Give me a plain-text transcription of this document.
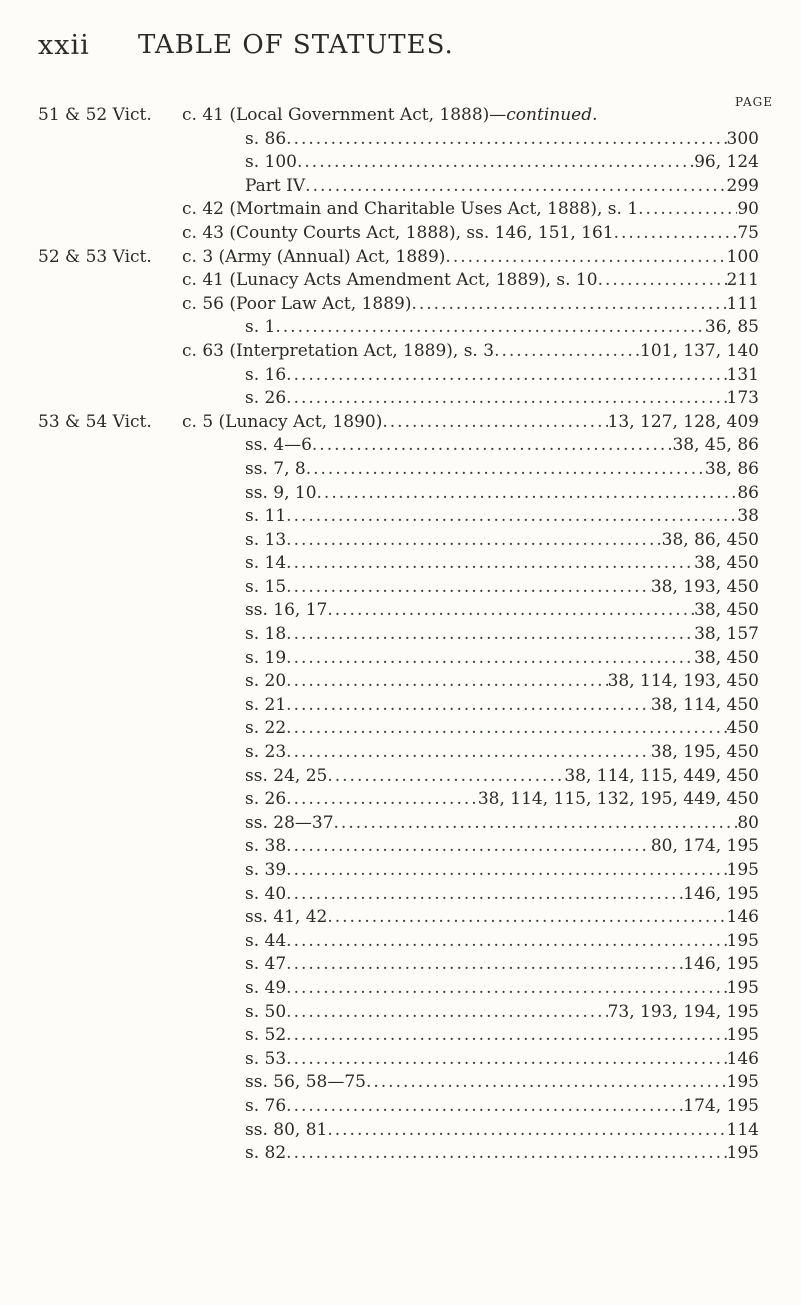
xxii TABLE OF STATUTES.
PAGE
51 & 52 Vict. c. 41 (Local Government Act, 1888)—continued.
s. 86 .....	300
s. 100 .....	96, 124
Part IV .....	299
c. 42 (Mortmain and Charitable Uses Act, 1888), s. 1 .....	90
c. 43 (County Courts Act, 1888), ss. 146, 151, 161 .....	75
52 & 53 Vict. c. 3 (Army (Annual) Act, 1889) .....	100
c. 41 (Lunacy Acts Amendment Act, 1889), s. 10 .....	211
c. 56 (Poor Law Act, 1889) .....	111
s. 1 .....	36, 85
c. 63 (Interpretation Act, 1889), s. 3 .....	101, 137, 140
s. 16 .....	131
s. 26 .....	173
53 & 54 Vict. c. 5 (Lunacy Act, 1890) .....	13, 127, 128, 409
ss. 4—6 .....	38, 45, 86
ss. 7, 8 .....	38, 86
ss. 9, 10 .....	86
s. 11 .....	38
s. 13 .....	38, 86, 450
s. 14 .....	38, 450
s. 15 .....	38, 193, 450
ss. 16, 17 .....	38, 450
s. 18 .....	38, 157
s. 19 .....	38, 450
s. 20 .....	38, 114, 193, 450
s. 21 .....	38, 114, 450
s. 22 .....	450
s. 23 .....	38, 195, 450
ss. 24, 25 .....	38, 114, 115, 449, 450
s. 26 .....	38, 114, 115, 132, 195, 449, 450
ss. 28—37 .....	80
s. 38 .....	80, 174, 195
s. 39 .....	195
s. 40 .....	146, 195
ss. 41, 42 .....	146
s. 44 .....	195
s. 47 .....	146, 195
s. 49 .....	195
s. 50 .....	73, 193, 194, 195
s. 52 .....	195
s. 53 .....	146
ss. 56, 58—75 .....	195
s. 76 .....	174, 195
ss. 80, 81 .....	114
s. 82 .....	195
